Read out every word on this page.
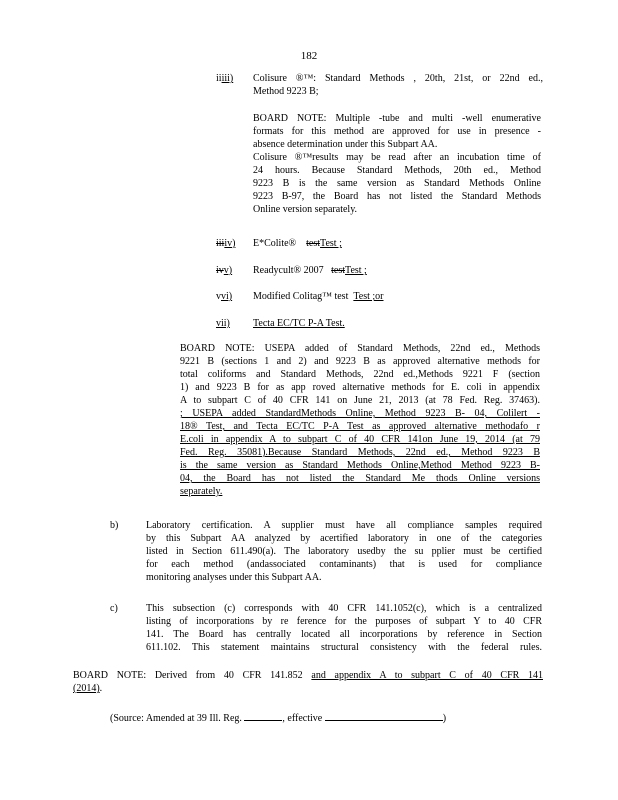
182
iiiii) Colisure ®™: Standard Methods , 20th, 21st, or 22nd ed.,
Method 9223 B;
BOARD NOTE: Multiple -tube and multi -well enumerative
formats for this method are approved for use in presence -
absence determination under this Subpart AA.
Colisure ®™results may be read after an incubation time of
24 hours. Because Standard Methods, 20th ed., Method
9223 B is the same version as Standard Methods Online
9223 B-97, the Board has not listed the Standard Methods
Online version separately.
iiiiv) E*Colite® testTest ;
ivv) Readycult® 2007 testTest ;
vvi) Modified Colitag™ test Test ;or
vii) Tecta EC/TC P-A Test.
BOARD NOTE: USEPA added of Standard Methods, 22nd ed., Methods
9221 B (sections 1 and 2) and 9223 B as approved alternative methods for
total coliforms and Standard Methods, 22nd ed.,Methods 9221 F (section
1) and 9223 B for as app roved alternative methods for E. coli in appendix
A to subpart C of 40 CFR 141 on June 21, 2013 (at 78 Fed. Reg. 37463).
; USEPA added StandardMethods Online, Method 9223 B- 04, Colilert -
18® Test, and Tecta EC/TC P-A Test as approved alternative methodafo r
E.coli in appendix A to subpart C of 40 CFR 141on June 19, 2014 (at 79
Fed. Reg. 35081).Because Standard Methods, 22nd ed., Method 9223 B
is the same version as Standard Methods Online,Method Method 9223 B-
04, the Board has not listed the Standard Me thods Online versions
separately.
b)	Laboratory certification. A supplier must have all compliance samples required
by this Subpart AA analyzed by acertified laboratory in one of the categories
listed in Section 611.490(a). The laboratory usedby the su pplier must be certified
for each method (andassociated contaminants) that is used for compliance
monitoring analyses under this Subpart AA.
c)	This subsection (c) corresponds with 40 CFR 141.1052(c), which is a centralized
listing of incorporations by re ference for the purposes of subpart Y to 40 CFR
141. The Board has centrally located all incorporations by reference in Section
611.102. This statement maintains structural consistency with the federal rules.
BOARD NOTE: Derived from 40 CFR 141.852 and appendix A to subpart C of 40 CFR 141
(2014).
(Source: Amended at 39 Ill. Reg.	, effective	)
